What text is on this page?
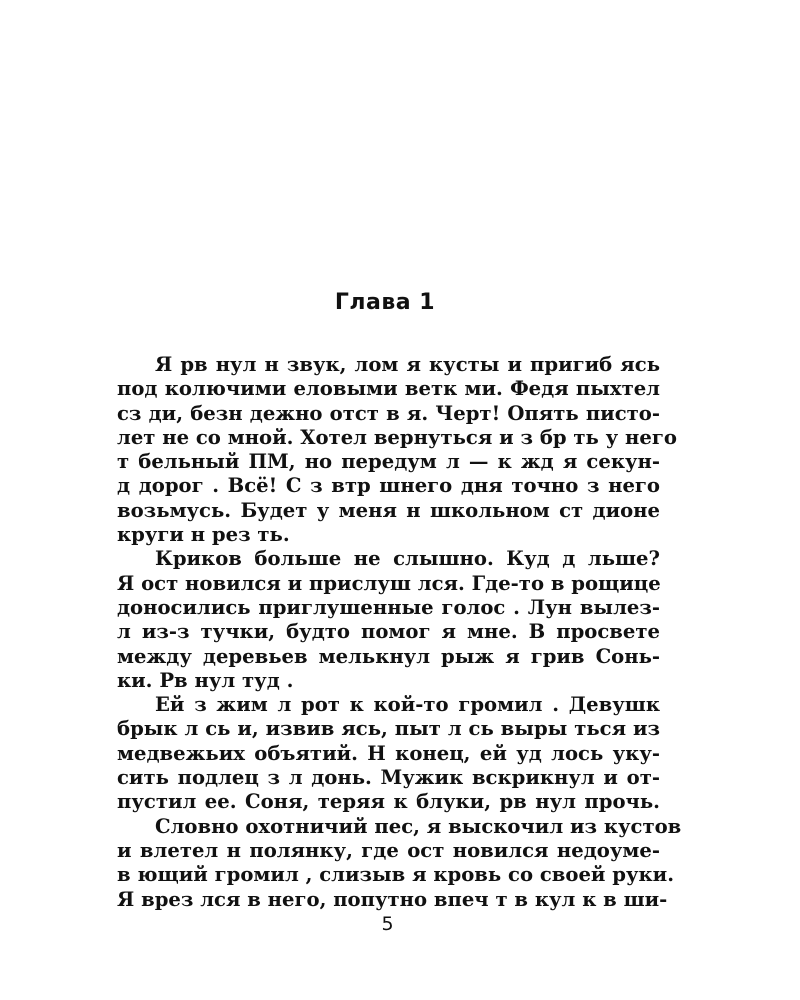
Глава 1
Я рв нул н звук, лом я кусты и пригиб ясь
под колючими еловыми ветк ми. Федя пыхтел
сз ди, безн дежно отст в я. Черт! Опять писто-
лет не со мной. Хотел вернуться и з бр ть у него
т бельный ПМ, но передум л — к жд я секун-
д дорог . Всё! С з втр шнего дня точно з него
возьмусь. Будет у меня н школьном ст дионе
круги н рез ть.
Криков больше не слышно. Куд д льше?
Я ост новился и прислуш лся. Где-то в рощице
доносились приглушенные голос . Лун вылез-
л из-з тучки, будто помог я мне. В просвете
между деревьев мелькнул рыж я грив Сонь-
ки. Рв нул туд .
Ей з жим л рот к кой-то громил . Девушк
брык л сь и, извив ясь, пыт л сь выры ться из
медвежьих объятий. Н конец, ей уд лось уку-
сить подлец з л донь. Мужик вскрикнул и от-
пустил ее. Соня, теряя к блуки, рв нул прочь.
Словно охотничий пес, я выскочил из кустов
и влетел н полянку, где ост новился недоуме-
в ющий громил , слизыв я кровь со своей руки.
Я врез лся в него, попутно впеч т в кул к в ши-
5
